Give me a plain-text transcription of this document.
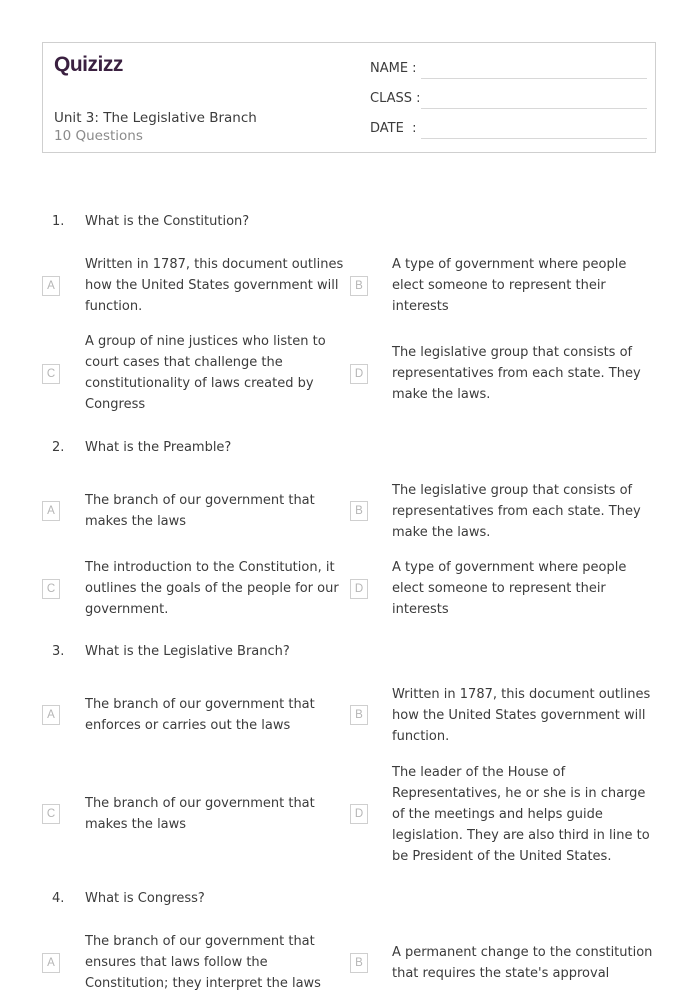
Quizizz
Unit 3: The Legislative Branch
10 Questions
NAME :
CLASS :
DATE  :
1. What is the Constitution?
A
Written in 1787, this document outlines how the United States government will function.
B
A type of government where people elect someone to represent their interests
C
A group of nine justices who listen to court cases that challenge the constitutionality of laws created by Congress
D
The legislative group that consists of representatives from each state. They make the laws.
2. What is the Preamble?
A
The branch of our government that makes the laws
B
The legislative group that consists of representatives from each state. They make the laws.
C
The introduction to the Constitution, it outlines the goals of the people for our government.
D
A type of government where people elect someone to represent their interests
3. What is the Legislative Branch?
A
The branch of our government that enforces or carries out the laws
B
Written in 1787, this document outlines how the United States government will function.
C
The branch of our government that makes the laws
D
The leader of the House of Representatives, he or she is in charge of the meetings and helps guide legislation. They are also third in line to be President of the United States.
4. What is Congress?
A
The branch of our government that ensures that laws follow the Constitution; they interpret the laws
B
A permanent change to the constitution that requires the state's approval
